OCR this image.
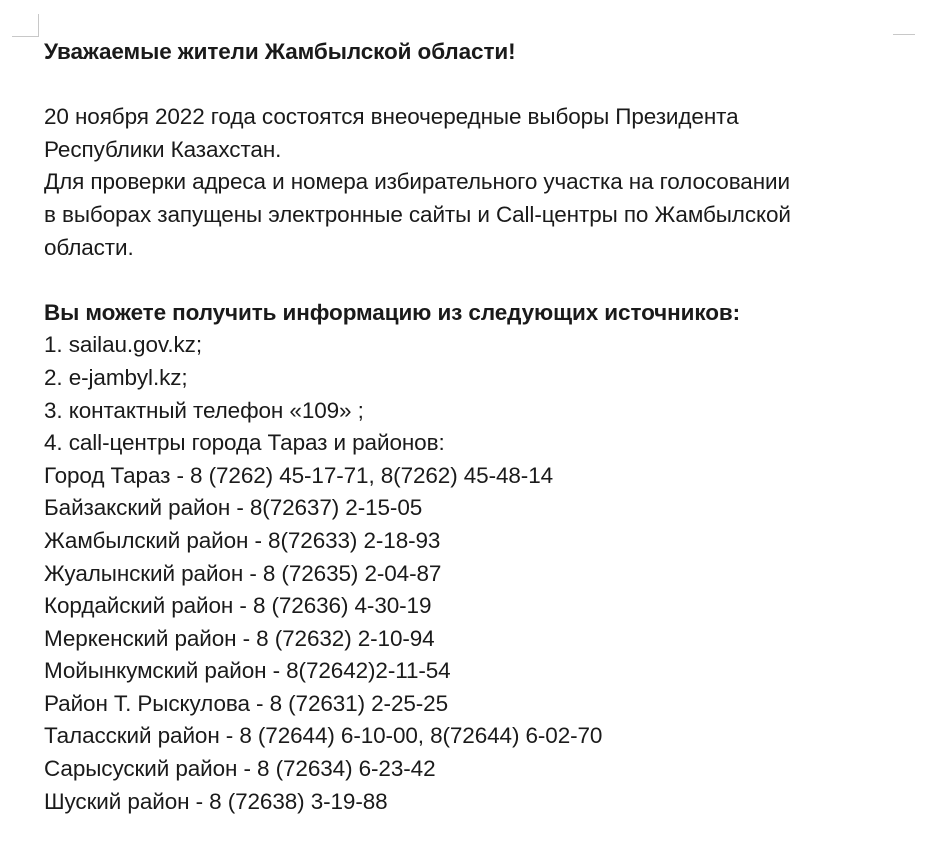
Уважаемые жители Жамбылской области!
20 ноября 2022 года состоятся внеочередные выборы Президента
Республики Казахстан.
Для проверки адреса и номера избирательного участка на голосовании
в выборах запущены электронные сайты и Call-центры по Жамбылской
области.
Вы можете получить информацию из следующих источников:
1. sailau.gov.kz;
2. e-jambyl.kz;
3. контактный телефон «109» ;
4. call-центры города Тараз и районов:
Город Тараз - 8 (7262) 45-17-71, 8(7262) 45-48-14
Байзакский район - 8(72637) 2-15-05
Жамбылский район - 8(72633) 2-18-93
Жуалынский район - 8 (72635) 2-04-87
Кордайский район - 8 (72636) 4-30-19
Меркенский район - 8 (72632) 2-10-94
Мойынкумский район - 8(72642)2-11-54
Район Т. Рыскулова - 8 (72631) 2-25-25
Таласский район - 8 (72644) 6-10-00, 8(72644) 6-02-70
Сарысуский район - 8 (72634) 6-23-42
Шуский район - 8 (72638) 3-19-88
